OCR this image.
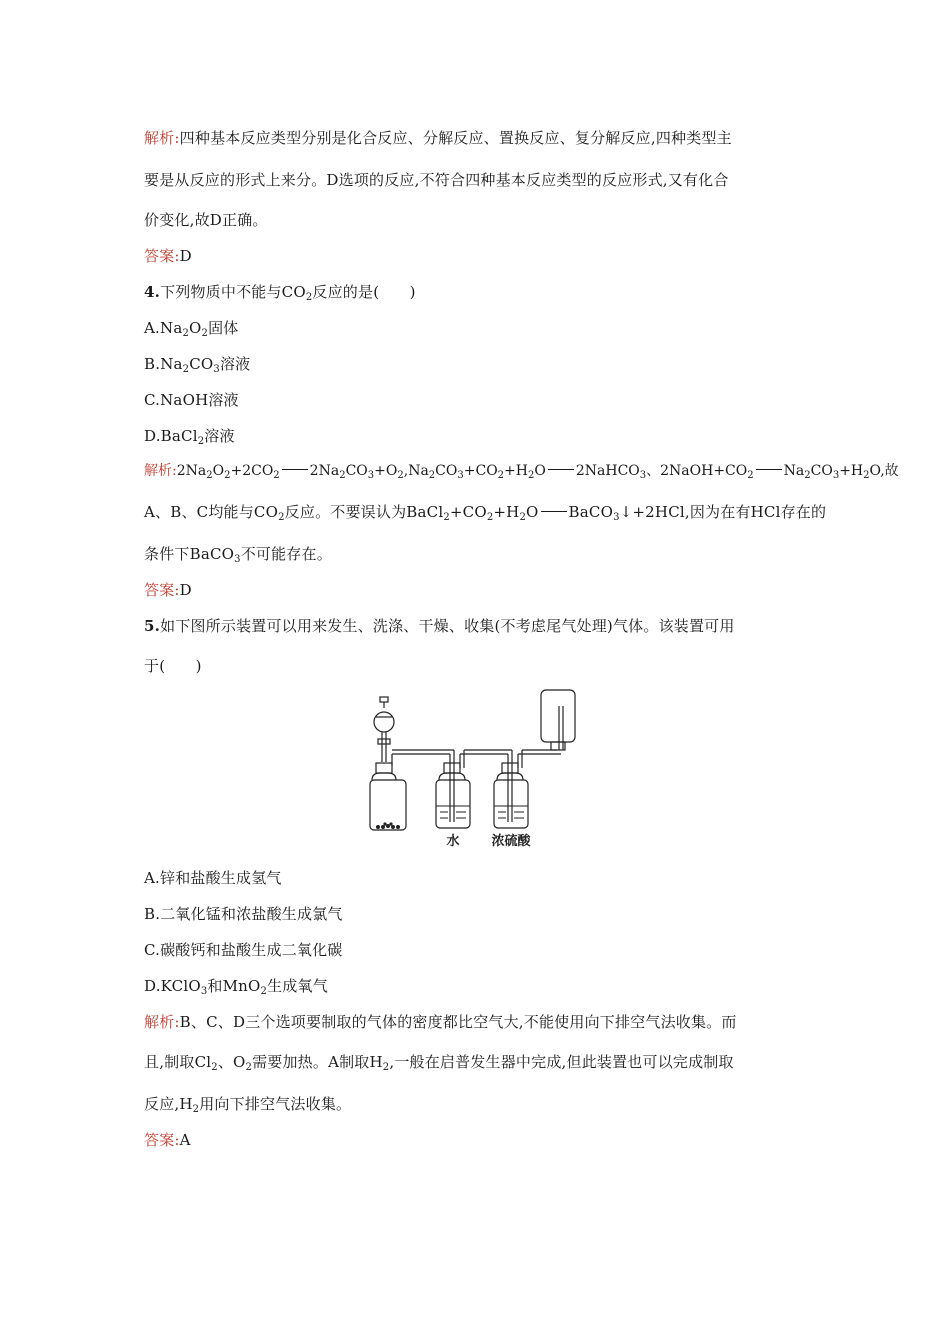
解析:四种基本反应类型分别是化合反应、分解反应、置换反应、复分解反应,四种类型主
要是从反应的形式上来分。D选项的反应,不符合四种基本反应类型的反应形式,又有化合
价变化,故D正确。
答案:D
4.下列物质中不能与$CO_2$反应的是(　　)
$A.Na_2O_2$固体
$B.Na_2CO_3$溶液
C.NaOH溶液
D.BaCl$_2$溶液
解析$:2Na_2O_2+2CO_2$ $2Na_2CO_3+O_2,Na_2CO_3+CO_2+H_2O$ 2NaHCO$_3$、$2NaOH+CO_2$ $Na_2CO_3+H_2O$,故
A、B、C均能与$CO_2$反应。不要误认为$BaCl_2+CO_2+H_2O$ BaCO$_3$↓+2HCl,因为在有HCl存在的
条件下BaCO$_3$不可能存在。
答案:D
5.如下图所示装置可以用来发生、洗涤、干燥、收集(不考虑尾气处理)气体。该装置可用
于(　　)
水 浓硫酸
A.锌和盐酸生成氢气
B.二氧化锰和浓盐酸生成氯气
C.碳酸钙和盐酸生成二氧化碳
D.KClO$_3$和MnO$_2$生成氧气
解析:B、C、D三个选项要制取的气体的密度都比空气大,不能使用向下排空气法收集。而
且,制取$Cl_2$、$O_2$需要加热。A制取$H_2$,一般在启普发生器中完成,但此装置也可以完成制取
反应$,H_2$用向下排空气法收集。
答案:A
